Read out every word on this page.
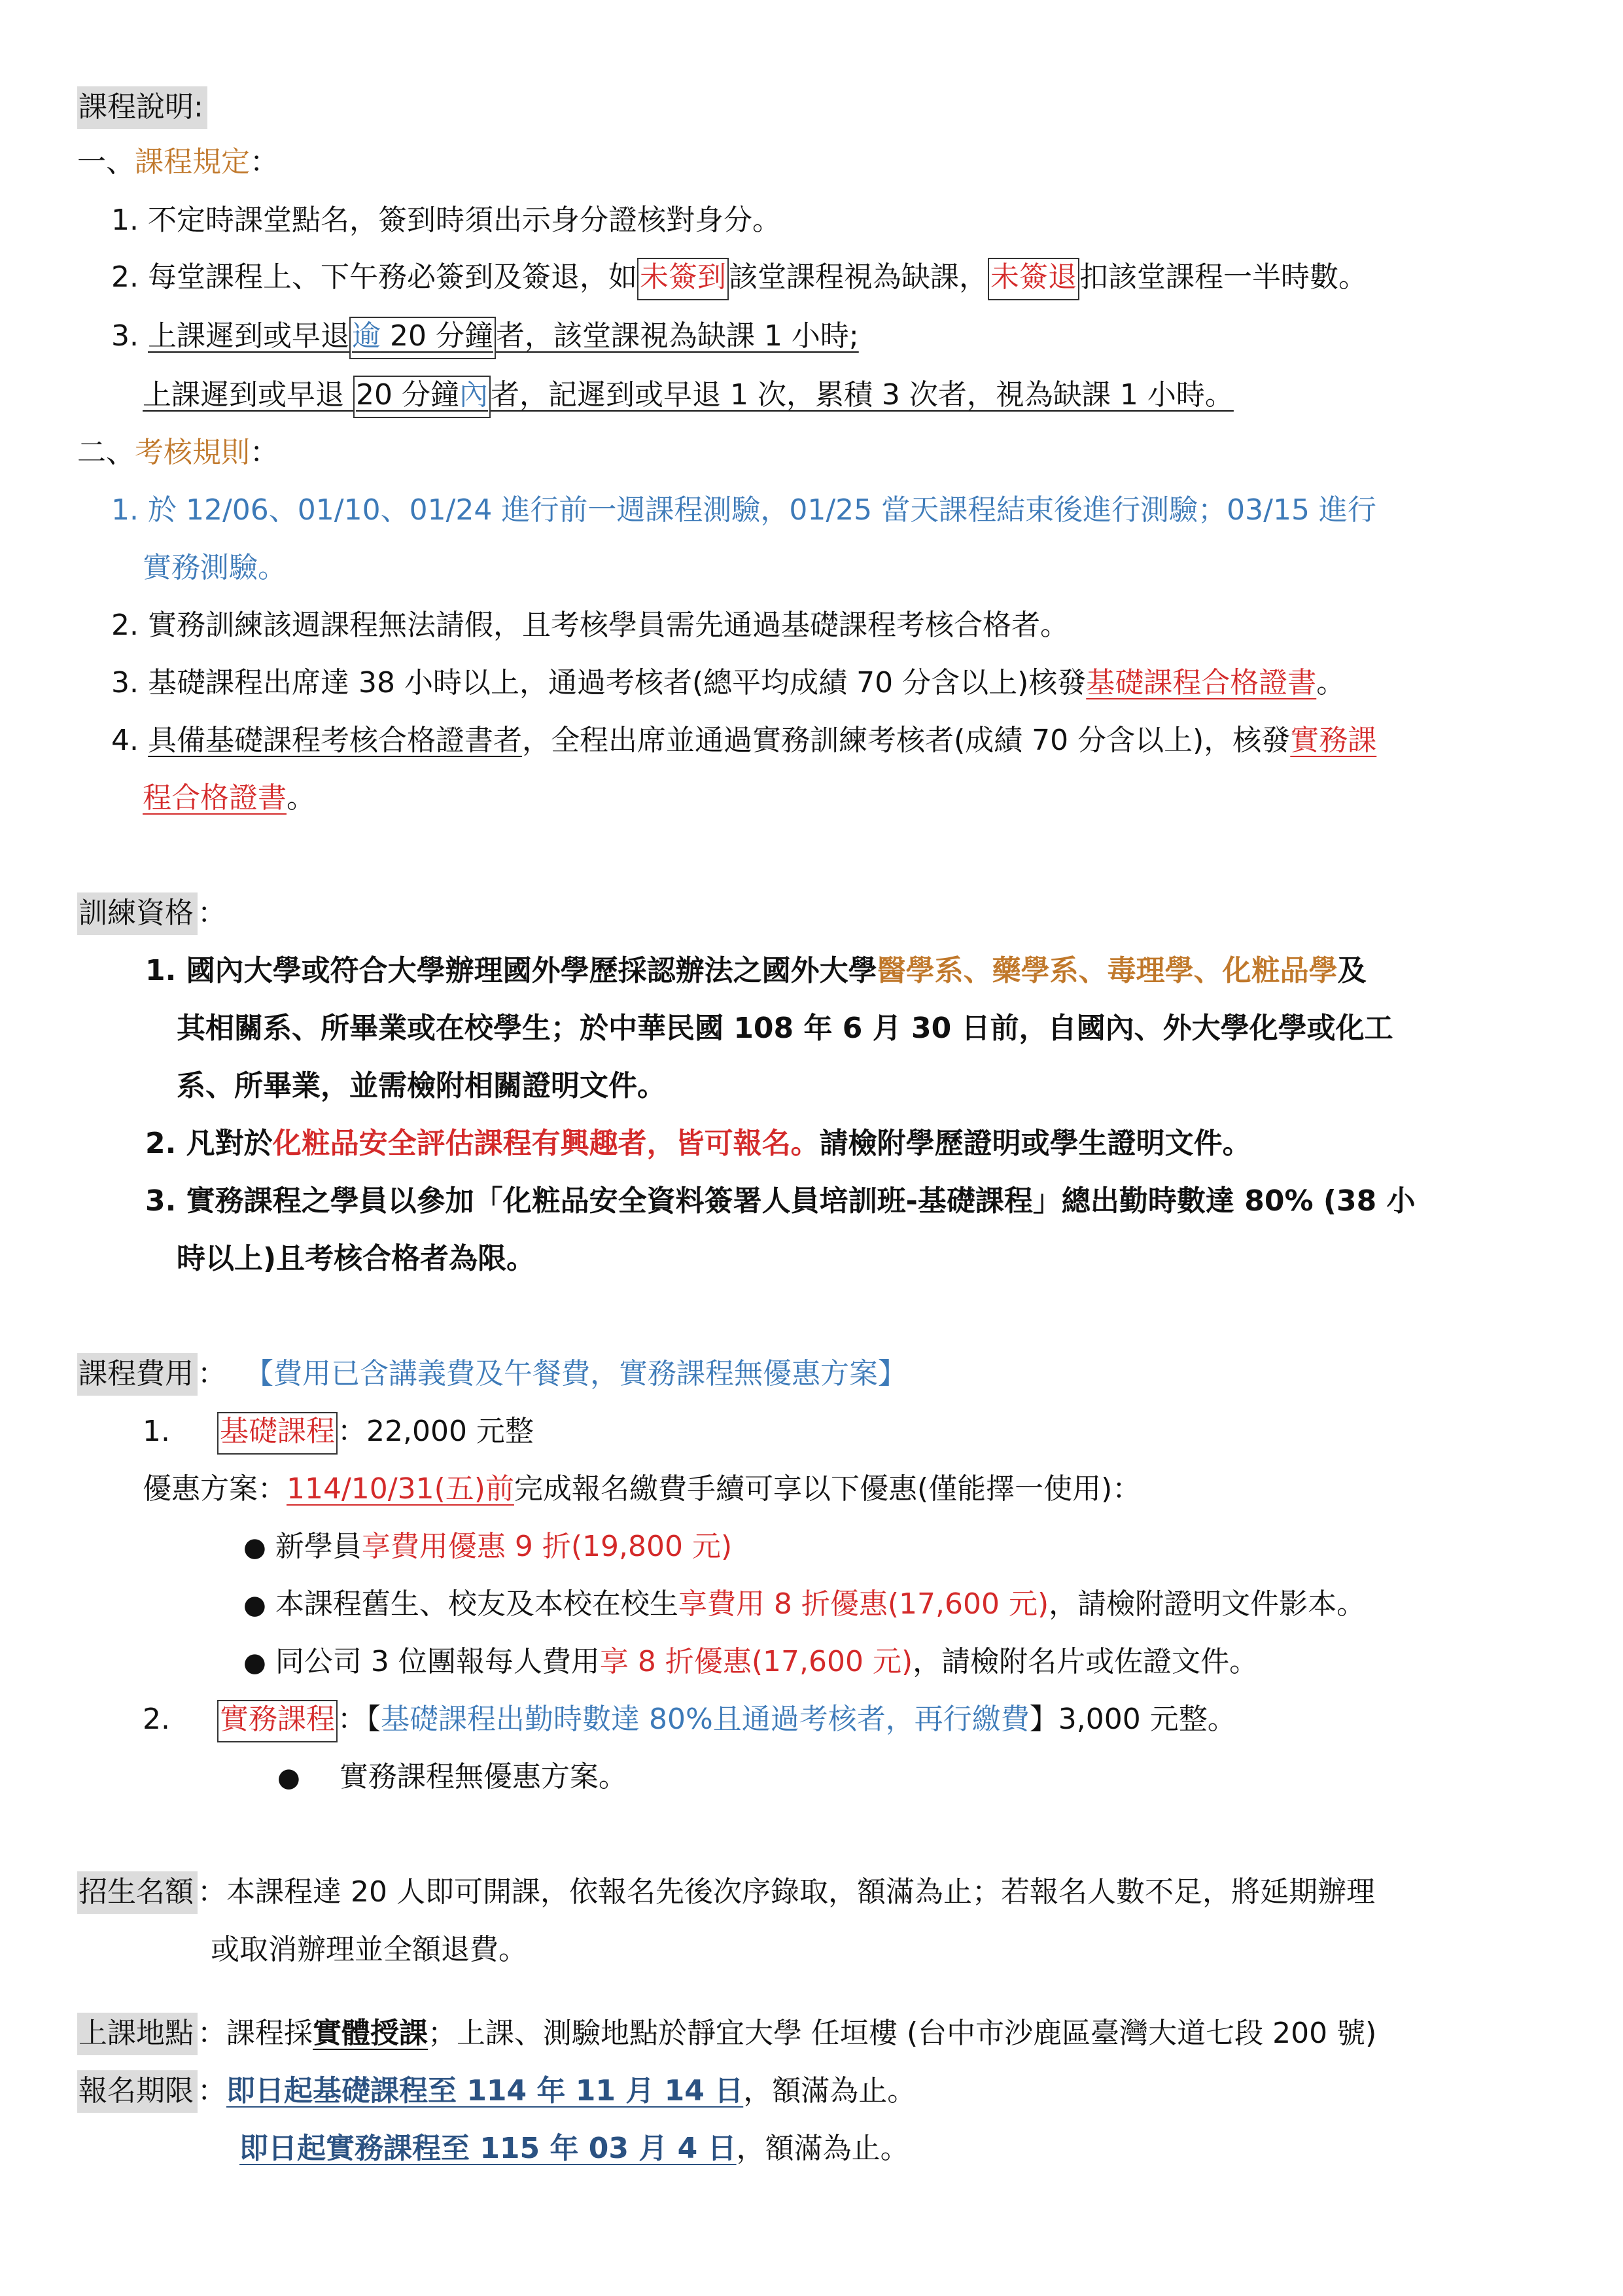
課程說明:
一、課程規定：
1. 不定時課堂點名，簽到時須出示身分證核對身分。
2. 每堂課程上、下午務必簽到及簽退，如未簽到該堂課程視為缺課，未簽退扣該堂課程一半時數。
3. 上課遲到或早退逾 20 分鐘者，該堂課視為缺課 1 小時;
上課遲到或早退 20 分鐘內者，記遲到或早退 1 次，累積 3 次者，視為缺課 1 小時。
二、考核規則：
1. 於 12/06、01/10、01/24 進行前一週課程測驗，01/25 當天課程結束後進行測驗；03/15 進行
實務測驗。
2. 實務訓練該週課程無法請假，且考核學員需先通過基礎課程考核合格者。
3. 基礎課程出席達 38 小時以上，通過考核者(總平均成績 70 分含以上)核發基礎課程合格證書。
4. 具備基礎課程考核合格證書者，全程出席並通過實務訓練考核者(成績 70 分含以上)，核發實務課
程合格證書。
訓練資格 ：
1. 國內大學或符合大學辦理國外學歷採認辦法之國外大學醫學系、藥學系、毒理學、化粧品學及
其相關系、所畢業或在校學生；於中華民國 108 年 6 月 30 日前，自國內、外大學化學或化工
系、所畢業，並需檢附相關證明文件。
2. 凡對於化粧品安全評估課程有興趣者，皆可報名。請檢附學歷證明或學生證明文件。
3. 實務課程之學員以參加「化粧品安全資料簽署人員培訓班-基礎課程」總出勤時數達 80% (38 小
時以上)且考核合格者為限。
課程費用 ： 【費用已含講義費及午餐費，實務課程無優惠方案】
1. 基礎課程：22,000 元整
優惠方案：114/10/31(五)前完成報名繳費手續可享以下優惠(僅能擇一使用)：
● 新學員享費用優惠 9 折(19,800 元)
● 本課程舊生、校友及本校在校生享費用 8 折優惠(17,600 元)，請檢附證明文件影本。
● 同公司 3 位團報每人費用享 8 折優惠(17,600 元)，請檢附名片或佐證文件。
2. 實務課程：【基礎課程出勤時數達 80%且通過考核者，再行繳費】3,000 元整。
● 實務課程無優惠方案。
招生名額 ：本課程達 20 人即可開課，依報名先後次序錄取，額滿為止；若報名人數不足，將延期辦理
或取消辦理並全額退費。
上課地點 ：課程採實體授課；上課、測驗地點於靜宜大學 任垣樓 (台中市沙鹿區臺灣大道七段 200 號)
報名期限 ：即日起基礎課程至 114 年 11 月 14 日，額滿為止。
即日起實務課程至 115 年 03 月 4 日，額滿為止。
